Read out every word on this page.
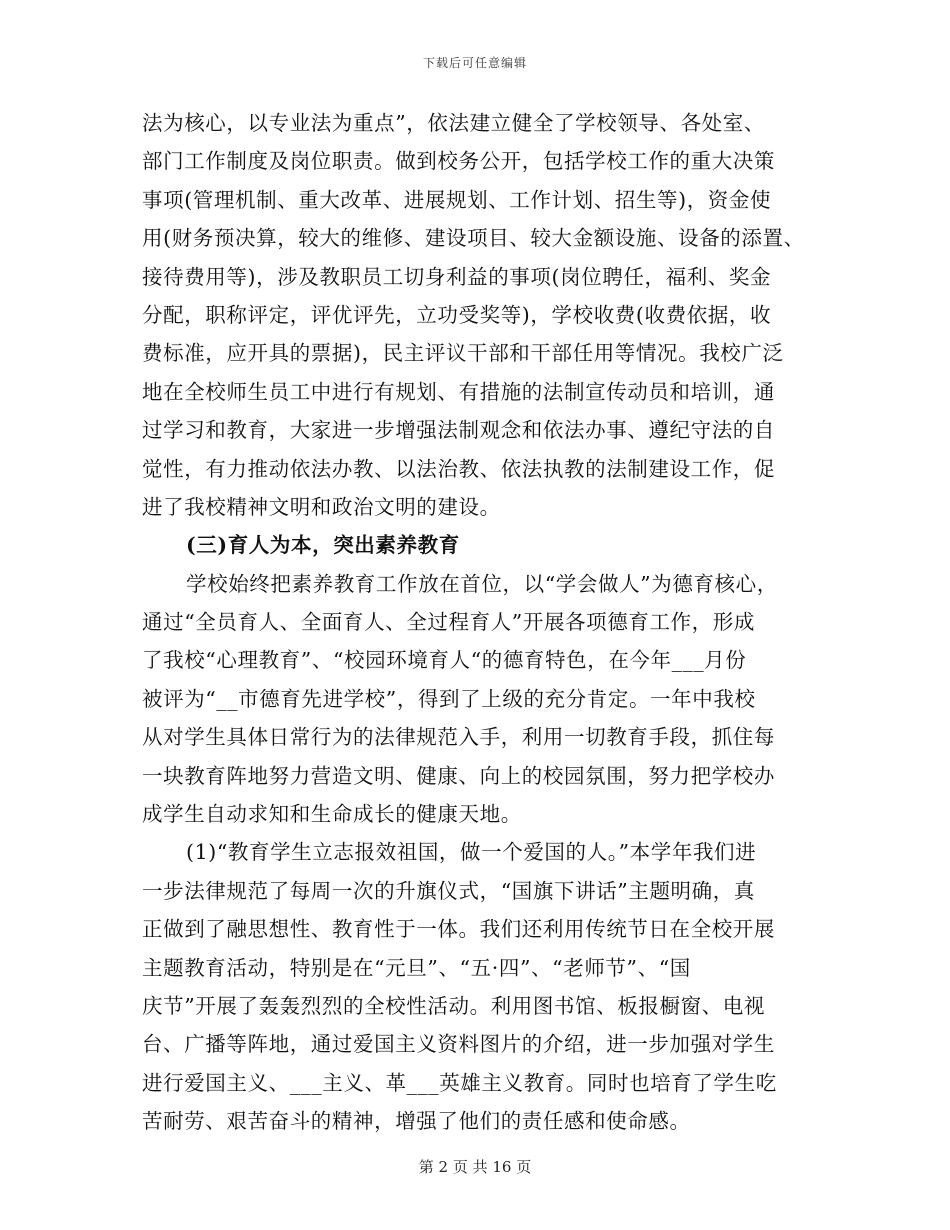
下载后可任意编辑
法为核心，以专业法为重点”，依法建立健全了学校领导、各处室、
部门工作制度及岗位职责。做到校务公开，包括学校工作的重大决策
事项(管理机制、重大改革、进展规划、工作计划、招生等)，资金使
用(财务预决算，较大的维修、建设项目、较大金额设施、设备的添置、
接待费用等)，涉及教职员工切身利益的事项(岗位聘任，福利、奖金
分配，职称评定，评优评先，立功受奖等)，学校收费(收费依据，收
费标准，应开具的票据)，民主评议干部和干部任用等情况。我校广泛
地在全校师生员工中进行有规划、有措施的法制宣传动员和培训，通
过学习和教育，大家进一步增强法制观念和依法办事、遵纪守法的自
觉性，有力推动依法办教、以法治教、依法执教的法制建设工作，促
进了我校精神文明和政治文明的建设。
(三)育人为本，突出素养教育
学校始终把素养教育工作放在首位，以“学会做人”为德育核心，
通过“全员育人、全面育人、全过程育人”开展各项德育工作，形成
了我校“心理教育”、“校园环境育人“的德育特色，在今年___月份
被评为“__市德育先进学校”，得到了上级的充分肯定。一年中我校
从对学生具体日常行为的法律规范入手，利用一切教育手段，抓住每
一块教育阵地努力营造文明、健康、向上的校园氛围，努力把学校办
成学生自动求知和生命成长的健康天地。
(1)“教育学生立志报效祖国，做一个爱国的人。”本学年我们进
一步法律规范了每周一次的升旗仪式，“国旗下讲话”主题明确，真
正做到了融思想性、教育性于一体。我们还利用传统节日在全校开展
主题教育活动，特别是在“元旦”、“五·四”、“老师节”、“国
庆节”开展了轰轰烈烈的全校性活动。利用图书馆、板报橱窗、电视
台、广播等阵地，通过爱国主义资料图片的介绍，进一步加强对学生
进行爱国主义、___主义、革___英雄主义教育。同时也培育了学生吃
苦耐劳、艰苦奋斗的精神，增强了他们的责任感和使命感。
第 2 页 共 16 页
